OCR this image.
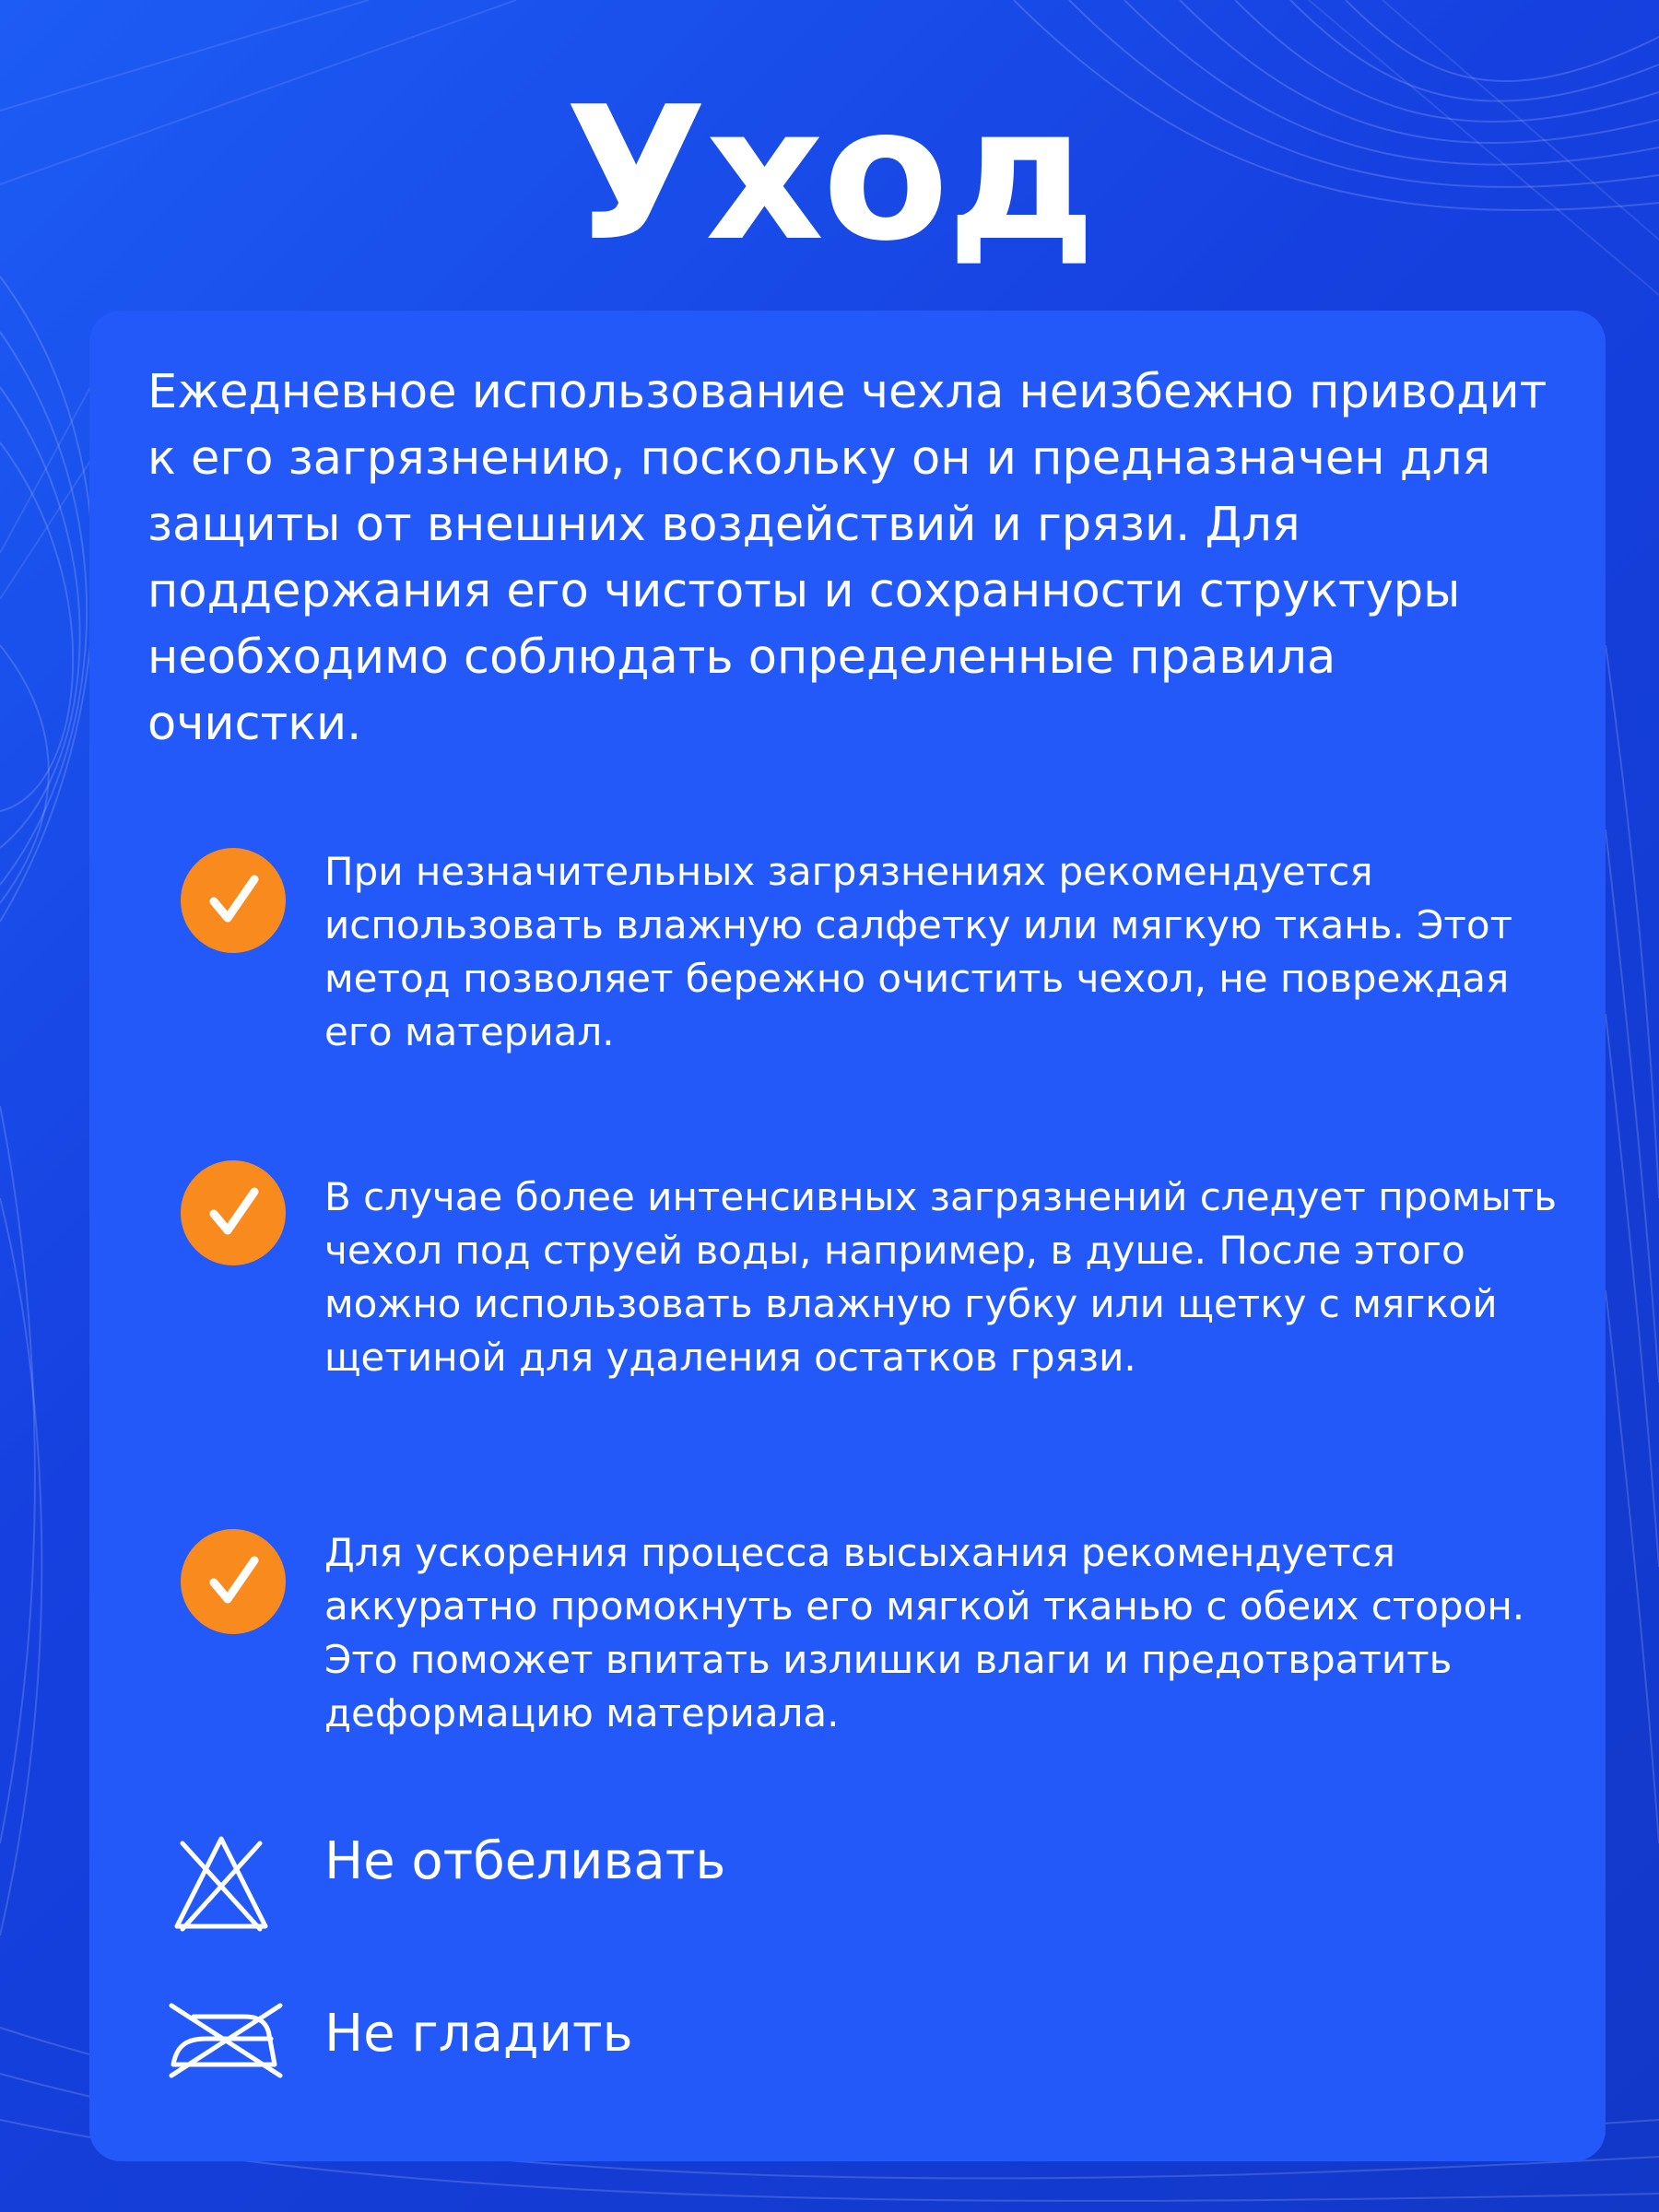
Уход

Ежедневное использование чехла неизбежно приводит к его загрязнению, поскольку он и предназначен для защиты от внешних воздействий и грязи. Для поддержания его чистоты и сохранности структуры необходимо соблюдать определенные правила очистки.

При незначительных загрязнениях рекомендуется использовать влажную салфетку или мягкую ткань. Этот метод позволяет бережно очистить чехол, не повреждая его материал.

В случае более интенсивных загрязнений следует промыть чехол под струей воды, например, в душе. После этого можно использовать влажную губку или щетку с мягкой щетиной для удаления остатков грязи.

Для ускорения процесса высыхания рекомендуется аккуратно промокнуть его мягкой тканью с обеих сторон. Это поможет впитать излишки влаги и предотвратить деформацию материала.

Не отбеливать
Не гладить
